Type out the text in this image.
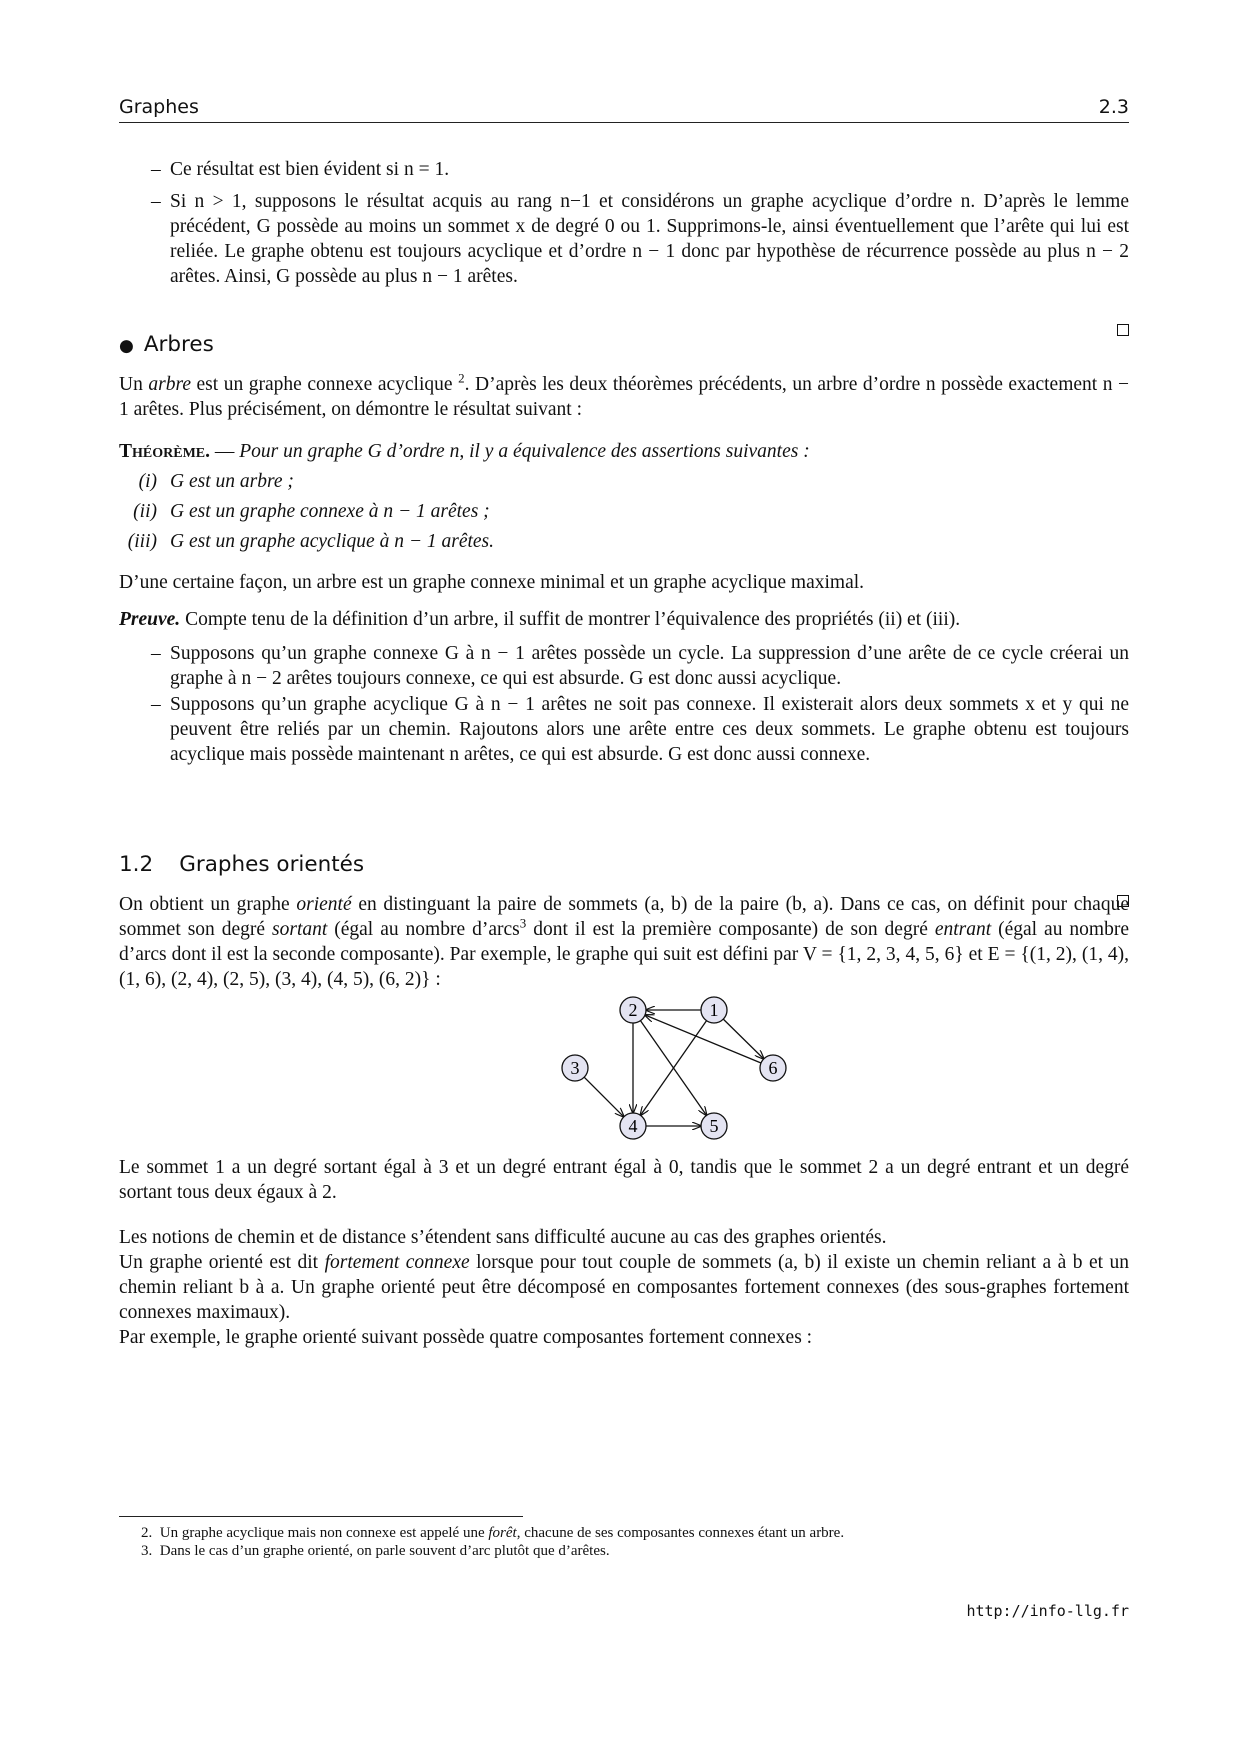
Graphes	2.3
– Ce résultat est bien évident si n = 1.
– Si n > 1, supposons le résultat acquis au rang n−1 et considérons un graphe acyclique d’ordre n. D’après le lemme précédent, G possède au moins un sommet x de degré 0 ou 1. Supprimons-le, ainsi éventuellement que l’arête qui lui est reliée. Le graphe obtenu est toujours acyclique et d’ordre n − 1 donc par hypothèse de récurrence possède au plus n − 2 arêtes. Ainsi, G possède au plus n − 1 arêtes.
● Arbres
Un arbre est un graphe connexe acyclique $^2$. D’après les deux théorèmes précédents, un arbre d’ordre n possède exactement n − 1 arêtes. Plus précisément, on démontre le résultat suivant :
Théorème. — Pour un graphe G d’ordre n, il y a équivalence des assertions suivantes :
(i) G est un arbre ;
(ii) G est un graphe connexe à n − 1 arêtes ;
(iii) G est un graphe acyclique à n − 1 arêtes.
D’une certaine façon, un arbre est un graphe connexe minimal et un graphe acyclique maximal.
Preuve. Compte tenu de la définition d’un arbre, il suffit de montrer l’équivalence des propriétés (ii) et (iii).
– Supposons qu’un graphe connexe G à n − 1 arêtes possède un cycle. La suppression d’une arête de ce cycle créerai un graphe à n − 2 arêtes toujours connexe, ce qui est absurde. G est donc aussi acyclique.
– Supposons qu’un graphe acyclique G à n − 1 arêtes ne soit pas connexe. Il existerait alors deux sommets x et y qui ne peuvent être reliés par un chemin. Rajoutons alors une arête entre ces deux sommets. Le graphe obtenu est toujours acyclique mais possède maintenant n arêtes, ce qui est absurde. G est donc aussi connexe.
1.2 Graphes orientés
On obtient un graphe orienté en distinguant la paire de sommets (a, b) de la paire (b, a). Dans ce cas, on définit pour chaque sommet son degré sortant (égal au nombre d’arcs$^3$ dont il est la première composante) de son degré entrant (égal au nombre d’arcs dont il est la seconde composante). Par exemple, le graphe qui suit est défini par V = {1, 2, 3, 4, 5, 6} et E = {(1, 2), (1, 4), (1, 6), (2, 4), (2, 5), (3, 4), (4, 5), (6, 2)} :
1
2
3
4	5
6
Le sommet 1 a un degré sortant égal à 3 et un degré entrant égal à 0, tandis que le sommet 2 a un degré entrant et un degré sortant tous deux égaux à 2.
Les notions de chemin et de distance s’étendent sans difficulté aucune au cas des graphes orientés.
Un graphe orienté est dit fortement connexe lorsque pour tout couple de sommets (a, b) il existe un chemin reliant a à b et un chemin reliant b à a. Un graphe orienté peut être décomposé en composantes fortement connexes (des sous-graphes fortement connexes maximaux).
Par exemple, le graphe orienté suivant possède quatre composantes fortement connexes :
2. Un graphe acyclique mais non connexe est appelé une forêt, chacune de ses composantes connexes étant un arbre.
3. Dans le cas d’un graphe orienté, on parle souvent d’arc plutôt que d’arêtes.
http://info-llg.fr
